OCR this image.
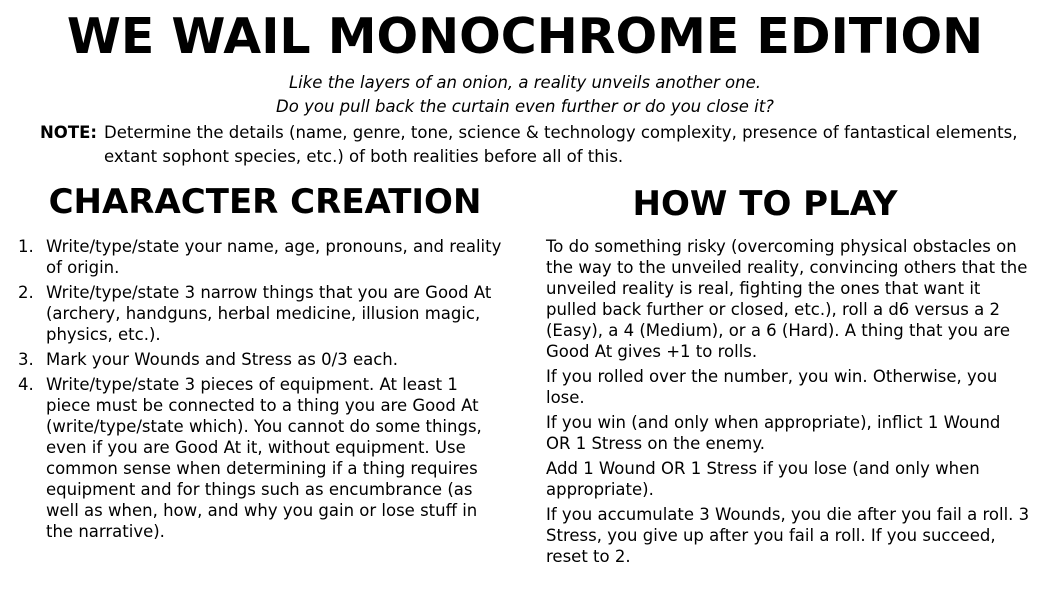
WE WAIL MONOCHROME EDITION
Like the layers of an onion, a reality unveils another one.
Do you pull back the curtain even further or do you close it?
NOTE: Determine the details (name, genre, tone, science & technology complexity, presence of fantastical elements, extant sophont species, etc.) of both realities before all of this.
CHARACTER CREATION	HOW TO PLAY
1. Write/type/state your name, age, pronouns, and reality of origin.
2. Write/type/state 3 narrow things that you are Good At (archery, handguns, herbal medicine, illusion magic, physics, etc.).
3. Mark your Wounds and Stress as 0/3 each.
4. Write/type/state 3 pieces of equipment. At least 1 piece must be connected to a thing you are Good At (write/type/state which). You cannot do some things, even if you are Good At it, without equipment. Use common sense when determining if a thing requires equipment and for things such as encumbrance (as well as when, how, and why you gain or lose stuff in the narrative).

To do something risky (overcoming physical obstacles on the way to the unveiled reality, convincing others that the unveiled reality is real, fighting the ones that want it pulled back further or closed, etc.), roll a d6 versus a 2 (Easy), a 4 (Medium), or a 6 (Hard). A thing that you are Good At gives +1 to rolls.

If you rolled over the number, you win. Otherwise, you lose.

If you win (and only when appropriate), inflict 1 Wound OR 1 Stress on the enemy.

Add 1 Wound OR 1 Stress if you lose (and only when appropriate).

If you accumulate 3 Wounds, you die after you fail a roll. 3 Stress, you give up after you fail a roll. If you succeed, reset to 2.
